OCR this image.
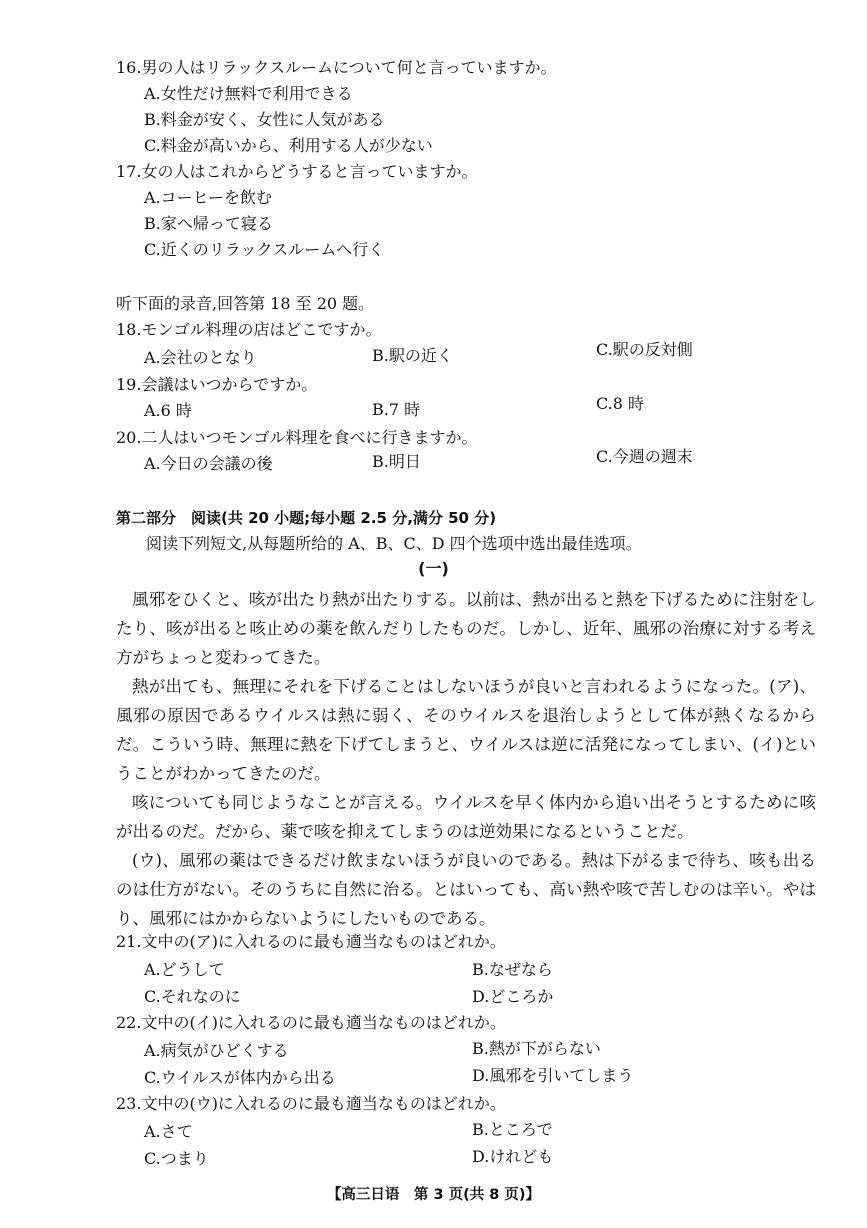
16.男の人はリラックスルームについて何と言っていますか。
A.女性だけ無料で利用できる
B.料金が安く、女性に人気がある
C.料金が高いから、利用する人が少ない
17.女の人はこれからどうすると言っていますか。
A.コーヒーを飲む
B.家へ帰って寝る
C.近くのリラックスルームへ行く
听下面的录音,回答第 18 至 20 题。
18.モンゴル料理の店はどこですか。
A.会社のとなり	B.駅の近く	C.駅の反対側
19.会議はいつからですか。
A.6 時	B.7 時	C.8 時
20.二人はいつモンゴル料理を食べに行きますか。
A.今日の会議の後	B.明日	C.今週の週末
第二部分　阅读(共 20 小题;每小题 2.5 分,满分 50 分)
阅读下列短文,从每题所给的 A、B、C、D 四个选项中选出最佳选项。
(一)
風邪をひくと、咳が出たり熱が出たりする。以前は、熱が出ると熱を下げるために注射をしたり、咳が出ると咳止めの薬を飲んだりしたものだ。しかし、近年、風邪の治療に対する考え方がちょっと変わってきた。
熱が出ても、無理にそれを下げることはしないほうが良いと言われるようになった。(ア)、風邪の原因であるウイルスは熱に弱く、そのウイルスを退治しようとして体が熱くなるからだ。こういう時、無理に熱を下げてしまうと、ウイルスは逆に活発になってしまい、(イ)ということがわかってきたのだ。
咳についても同じようなことが言える。ウイルスを早く体内から追い出そうとするために咳が出るのだ。だから、薬で咳を抑えてしまうのは逆効果になるということだ。
(ウ)、風邪の薬はできるだけ飲まないほうが良いのである。熱は下がるまで待ち、咳も出るのは仕方がない。そのうちに自然に治る。とはいっても、高い熱や咳で苦しむのは辛い。やはり、風邪にはかからないようにしたいものである。
21.文中の(ア)に入れるのに最も適当なものはどれか。
A.どうして	B.なぜなら
C.それなのに	D.どころか
22.文中の(イ)に入れるのに最も適当なものはどれか。
A.病気がひどくする	B.熱が下がらない
C.ウイルスが体内から出る	D.風邪を引いてしまう
23.文中の(ウ)に入れるのに最も適当なものはどれか。
A.さて	B.ところで
C.つまり	D.けれども
【高三日语　第 3 页(共 8 页)】
